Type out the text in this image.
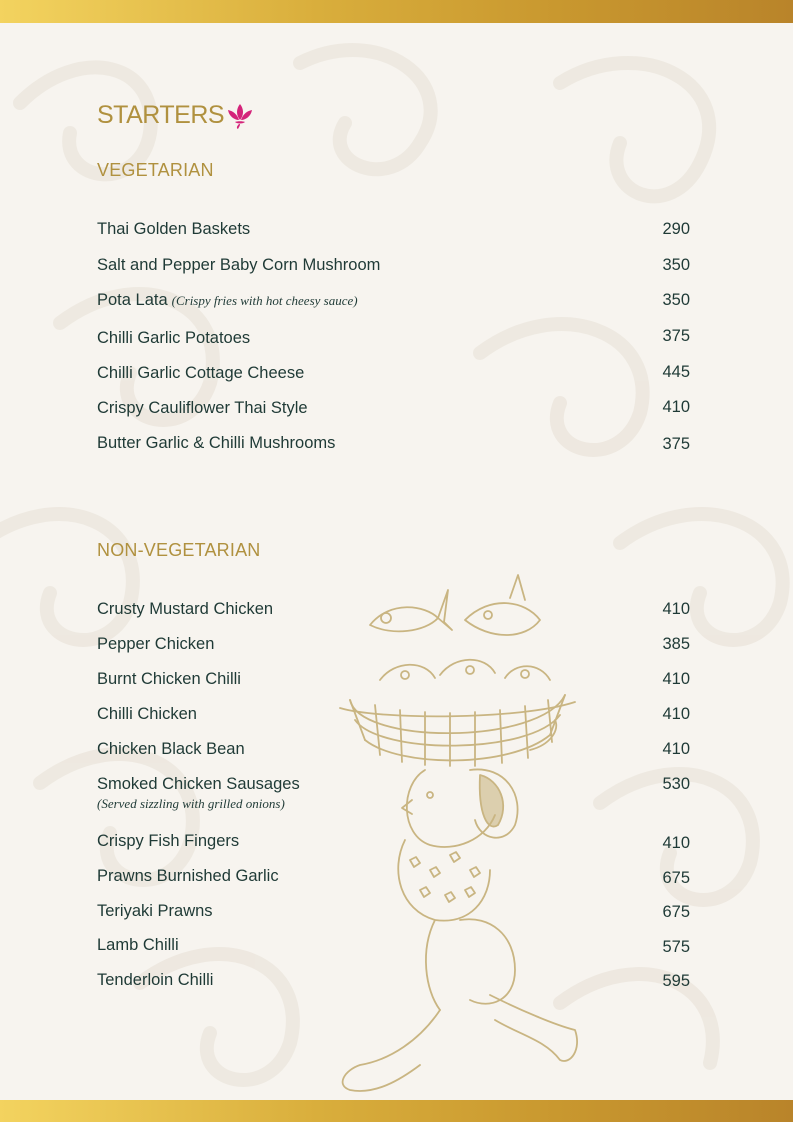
STARTERS
VEGETARIAN
Thai Golden Baskets	290
Salt and Pepper Baby Corn Mushroom	350
Pota Lata (Crispy fries with hot cheesy sauce)	350
Chilli Garlic Potatoes	375
Chilli Garlic Cottage Cheese	445
Crispy Cauliflower Thai Style	410
Butter Garlic & Chilli Mushrooms	375
NON-VEGETARIAN
Crusty Mustard Chicken	410
Pepper Chicken	385
Burnt Chicken Chilli	410
Chilli Chicken	410
Chicken Black Bean	410
Smoked Chicken Sausages	530
(Served sizzling with grilled onions)
Crispy Fish Fingers	410
Prawns Burnished Garlic	675
Teriyaki Prawns	675
Lamb Chilli	575
Tenderloin Chilli	595
